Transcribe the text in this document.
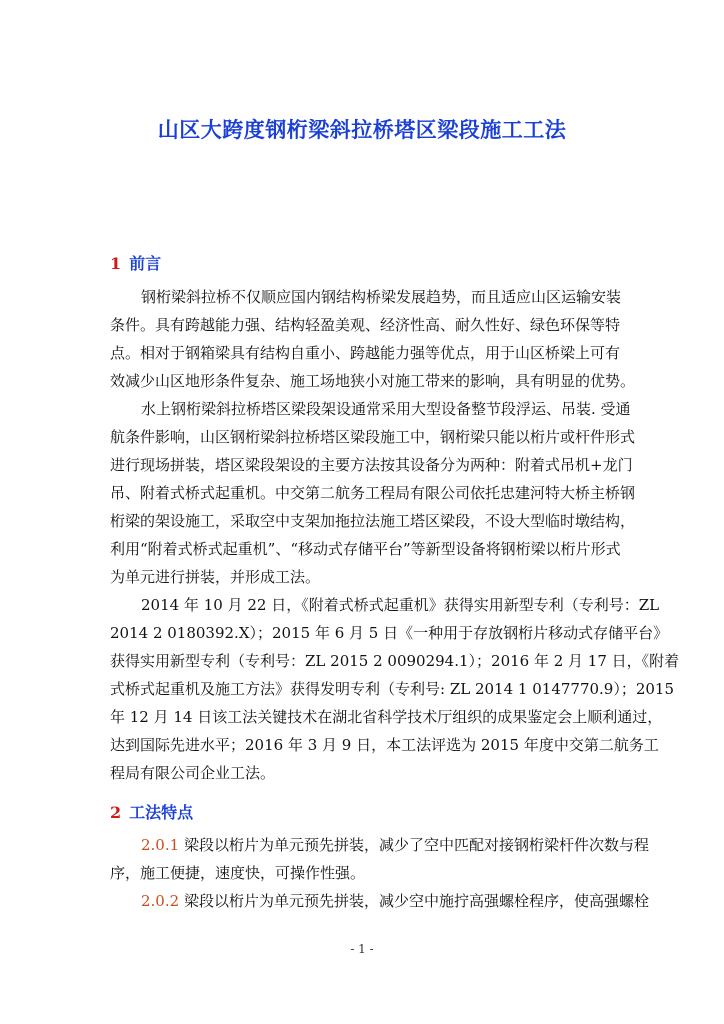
山区大跨度钢桁梁斜拉桥塔区梁段施工工法
1 前言
钢桁梁斜拉桥不仅顺应国内钢结构桥梁发展趋势，而且适应山区运输安装
条件。具有跨越能力强、结构轻盈美观、经济性高、耐久性好、绿色环保等特
点。相对于钢箱梁具有结构自重小、跨越能力强等优点，用于山区桥梁上可有
效减少山区地形条件复杂、施工场地狭小对施工带来的影响，具有明显的优势。
水上钢桁梁斜拉桥塔区梁段架设通常采用大型设备整节段浮运、吊装. 受通
航条件影响，山区钢桁梁斜拉桥塔区梁段施工中，钢桁梁只能以桁片或杆件形式
进行现场拼装，塔区梁段架设的主要方法按其设备分为两种：附着式吊机+龙门
吊、附着式桥式起重机。中交第二航务工程局有限公司依托忠建河特大桥主桥钢
桁梁的架设施工，采取空中支架加拖拉法施工塔区梁段，不设大型临时墩结构，
利用“附着式桥式起重机”、“移动式存储平台”等新型设备将钢桁梁以桁片形式
为单元进行拼装，并形成工法。
2014 年 10 月 22 日，《附着式桥式起重机》获得实用新型专利（专利号：ZL
2014 2 0180392.X）；2015 年 6 月 5 日《一种用于存放钢桁片移动式存储平台》
获得实用新型专利（专利号：ZL 2015 2 0090294.1）；2016 年 2 月 17 日，《附着
式桥式起重机及施工方法》获得发明专利（专利号: ZL 2014 1 0147770.9）；2015
年 12 月 14 日该工法关键技术在湖北省科学技术厅组织的成果鉴定会上顺利通过，
达到国际先进水平；2016 年 3 月 9 日，本工法评选为 2015 年度中交第二航务工
程局有限公司企业工法。
2 工法特点
2.0.1 梁段以桁片为单元预先拼装，减少了空中匹配对接钢桁梁杆件次数与程
序，施工便捷，速度快，可操作性强。
2.0.2 梁段以桁片为单元预先拼装，减少空中施拧高强螺栓程序，使高强螺栓
- 1 -
